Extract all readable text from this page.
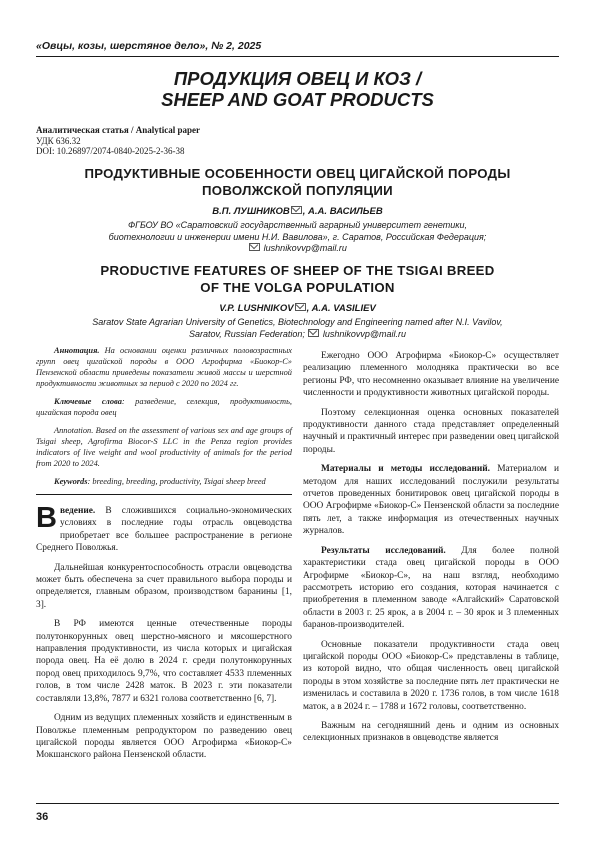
«Овцы, козы, шерстяное дело», № 2, 2025
ПРОДУКЦИЯ ОВЕЦ И КОЗ /
SHEEP AND GOAT PRODUCTS
Аналитическая статья / Analytical paper
УДК 636.32
DOI: 10.26897/2074-0840-2025-2-36-38
ПРОДУКТИВНЫЕ ОСОБЕННОСТИ ОВЕЦ ЦИГАЙСКОЙ ПОРОДЫ
ПОВОЛЖСКОЙ ПОПУЛЯЦИИ
В.П. ЛУШНИКОВ , А.А. ВАСИЛЬЕВ
ФГБОУ ВО «Саратовский государственный аграрный университет генетики,
биотехнологии и инженерии имени Н.И. Вавилова», г. Саратов, Российская Федерация;
lushnikovvp@mail.ru
PRODUCTIVE FEATURES OF SHEEP OF THE TSIGAI BREED
OF THE VOLGA POPULATION
V.P. LUSHNIKOV , A.A. VASILIEV
Saratov State Agrarian University of Genetics, Biotechnology and Engineering named after N.I. Vavilov,
Saratov, Russian Federation;  lushnikovvp@mail.ru

Аннотация. На основании оценки различных половозрастных групп овец цигайской породы в ООО Агрофирма «Биокор-С» Пензенской области приведены показатели живой массы и шерстной продуктивности животных за период с 2020 по 2024 гг.

Ключевые слова: разведение, селекция, продуктивность, цигайская порода овец

Annotation. Based on the assessment of various sex and age groups of Tsigai sheep, Agrofirma Biocor-S LLC in the Penza region provides indicators of live weight and wool productivity of animals for the period from 2020 to 2024.

Keywords: breeding, breeding, productivity, Tsigai sheep breed

Введение. В сложившихся социально-экономических условиях в последние годы отрасль овцеводства приобретает все большее распространение в регионе Среднего Поволжья.

Дальнейшая конкурентоспособность отрасли овцеводства может быть обеспечена за счет правильного выбора породы и определяется, главным образом, производством баранины [1, 3].

В РФ имеются ценные отечественные породы полутонкорунных овец шерстно-мясного и мясошерстного направления продуктивности, из числа которых и цигайская порода овец. На её долю в 2024 г. среди полутонкорунных пород овец приходилось 9,7%, что составляет 4533 племенных голов, в том числе 2428 маток. В 2023 г. эти показатели составляли 13,8%, 7877 и 6321 голова соответственно [6, 7].

Одним из ведущих племенных хозяйств и единственным в Поволжье племенным репродуктором по разведению овец цигайской породы является ООО Агрофирма «Биокор-С» Мокшанского района Пензенской области.

Ежегодно ООО Агрофирма «Биокор-С» осуществляет реализацию племенного молодняка практически во все регионы РФ, что несомненно оказывает влияние на увеличение численности и продуктивности животных цигайской породы.

Поэтому селекционная оценка основных показателей продуктивности данного стада представляет определенный научный и практичный интерес при разведении овец цигайской породы.

Материалы и методы исследований. Материалом и методом для наших исследований послужили результаты отчетов проведенных бонитировок овец цигайской породы в ООО Агрофирме «Биокор-С» Пензенской области за последние пять лет, а также информация из отечественных научных журналов.

Результаты исследований. Для более полной характеристики стада овец цигайской породы в ООО Агрофирме «Биокор-С», на наш взгляд, необходимо рассмотреть историю его создания, которая начинается с приобретения в племенном заводе «Алгайский» Саратовской области в 2003 г. 25 ярок, а в 2004 г. – 30 ярок и 3 племенных баранов-производителей.

Основные показатели продуктивности стада овец цигайской породы ООО «Биокор-С» представлены в таблице, из которой видно, что общая численность овец цигайской породы в этом хозяйстве за последние пять лет практически не изменилась и составила в 2020 г. 1736 голов, в том числе 1618 маток, а в 2024 г. – 1788 и 1672 головы, соответственно.

Важным на сегодняшний день и одним из основных селекционных признаков в овцеводстве является

36
